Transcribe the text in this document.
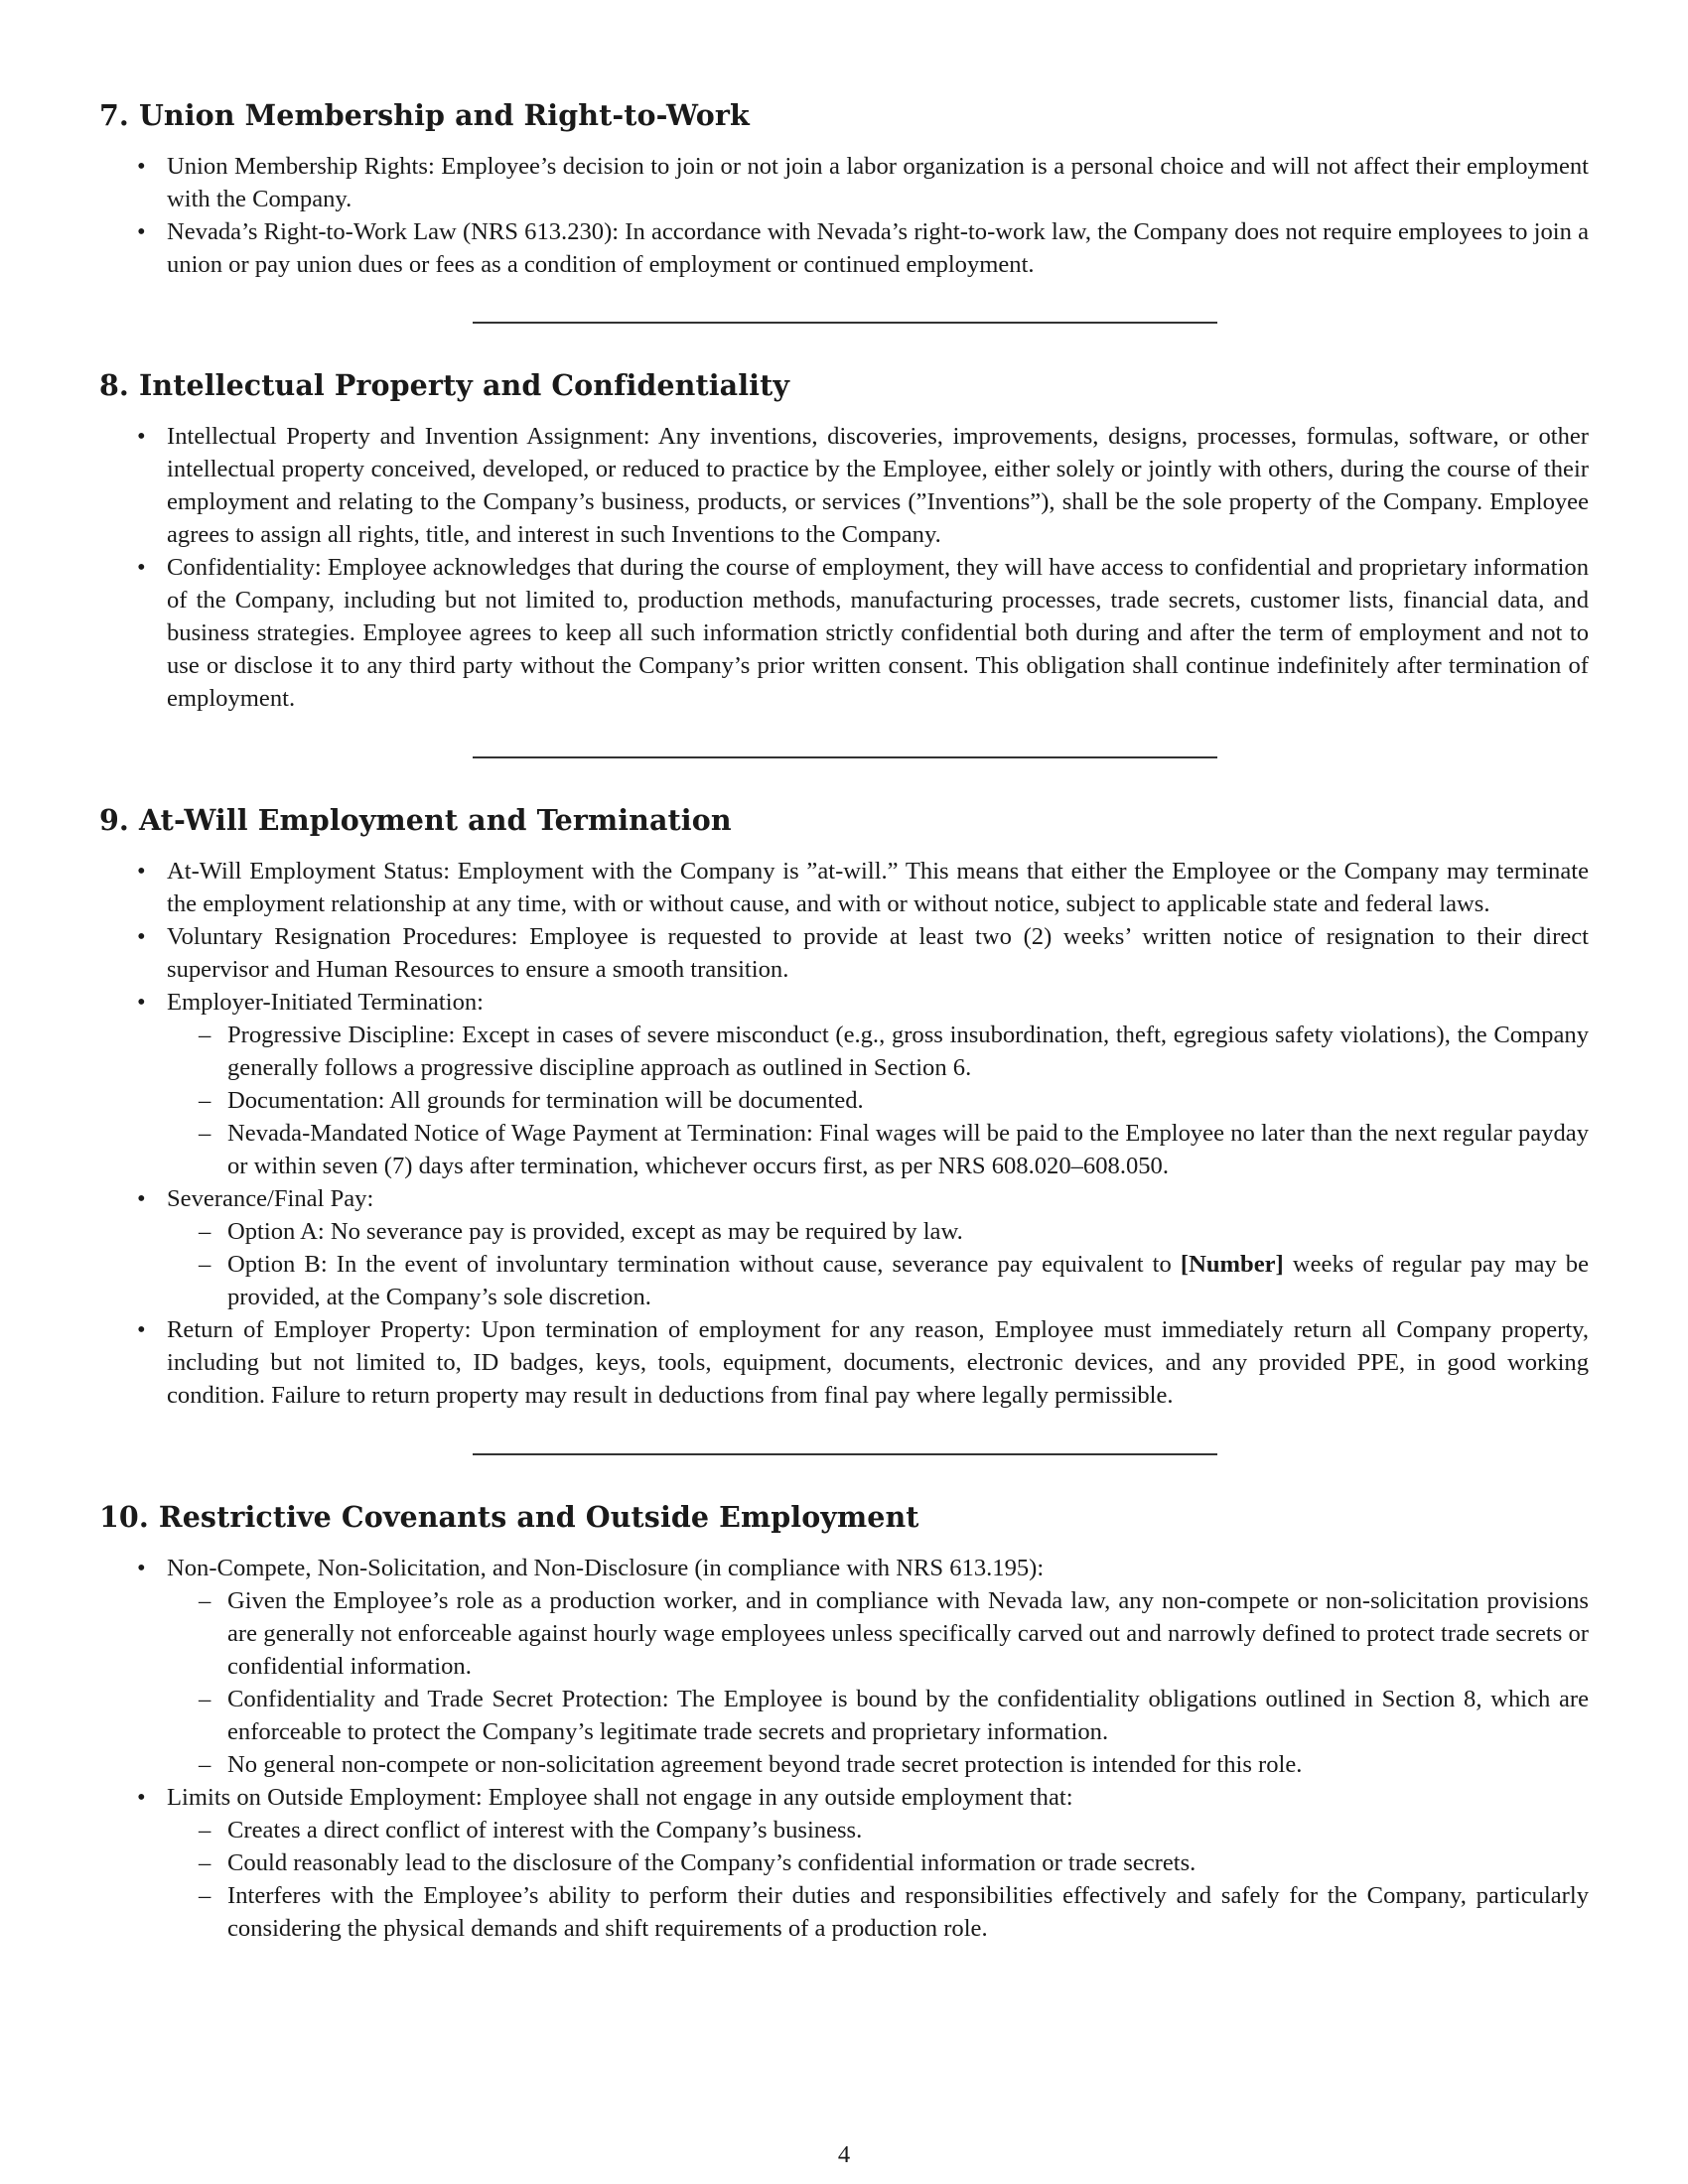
7. Union Membership and Right-to-Work
• Union Membership Rights: Employee’s decision to join or not join a labor organization is a personal choice and will not affect their employment with the Company.
• Nevada’s Right-to-Work Law (NRS 613.230): In accordance with Nevada’s right-to-work law, the Company does not require employees to join a union or pay union dues or fees as a condition of employment or continued employment.
8. Intellectual Property and Confidentiality
• Intellectual Property and Invention Assignment: Any inventions, discoveries, improvements, designs, processes, formulas, software, or other intellectual property conceived, developed, or reduced to practice by the Employee, either solely or jointly with others, during the course of their employment and relating to the Company’s business, products, or services (”Inventions”), shall be the sole property of the Company. Employee agrees to assign all rights, title, and interest in such Inventions to the Company.
• Confidentiality: Employee acknowledges that during the course of employment, they will have access to confidential and proprietary information of the Company, including but not limited to, production methods, manufacturing processes, trade secrets, customer lists, financial data, and business strategies. Employee agrees to keep all such information strictly confidential both during and after the term of employment and not to use or disclose it to any third party without the Company’s prior written consent. This obligation shall continue indefinitely after termination of employment.
9. At-Will Employment and Termination
• At-Will Employment Status: Employment with the Company is ”at-will.” This means that either the Employee or the Company may terminate the employment relationship at any time, with or without cause, and with or without notice, subject to applicable state and federal laws.
• Voluntary Resignation Procedures: Employee is requested to provide at least two (2) weeks’ written notice of resignation to their direct supervisor and Human Resources to ensure a smooth transition.
• Employer-Initiated Termination:
– Progressive Discipline: Except in cases of severe misconduct (e.g., gross insubordination, theft, egregious safety violations), the Company generally follows a progressive discipline approach as outlined in Section 6.
– Documentation: All grounds for termination will be documented.
– Nevada-Mandated Notice of Wage Payment at Termination: Final wages will be paid to the Employee no later than the next regular payday or within seven (7) days after termination, whichever occurs first, as per NRS 608.020–608.050.
• Severance/Final Pay:
– Option A: No severance pay is provided, except as may be required by law.
– Option B: In the event of involuntary termination without cause, severance pay equivalent to [Number] weeks of regular pay may be provided, at the Company’s sole discretion.
• Return of Employer Property: Upon termination of employment for any reason, Employee must immediately return all Company property, including but not limited to, ID badges, keys, tools, equipment, documents, electronic devices, and any provided PPE, in good working condition. Failure to return property may result in deductions from final pay where legally permissible.
10. Restrictive Covenants and Outside Employment
• Non-Compete, Non-Solicitation, and Non-Disclosure (in compliance with NRS 613.195):
– Given the Employee’s role as a production worker, and in compliance with Nevada law, any non-compete or non-solicitation provisions are generally not enforceable against hourly wage employees unless specifically carved out and narrowly defined to protect trade secrets or confidential information.
– Confidentiality and Trade Secret Protection: The Employee is bound by the confidentiality obligations outlined in Section 8, which are enforceable to protect the Company’s legitimate trade secrets and proprietary information.
– No general non-compete or non-solicitation agreement beyond trade secret protection is intended for this role.
• Limits on Outside Employment: Employee shall not engage in any outside employment that:
– Creates a direct conflict of interest with the Company’s business.
– Could reasonably lead to the disclosure of the Company’s confidential information or trade secrets.
– Interferes with the Employee’s ability to perform their duties and responsibilities effectively and safely for the Company, particularly considering the physical demands and shift requirements of a production role.
4
